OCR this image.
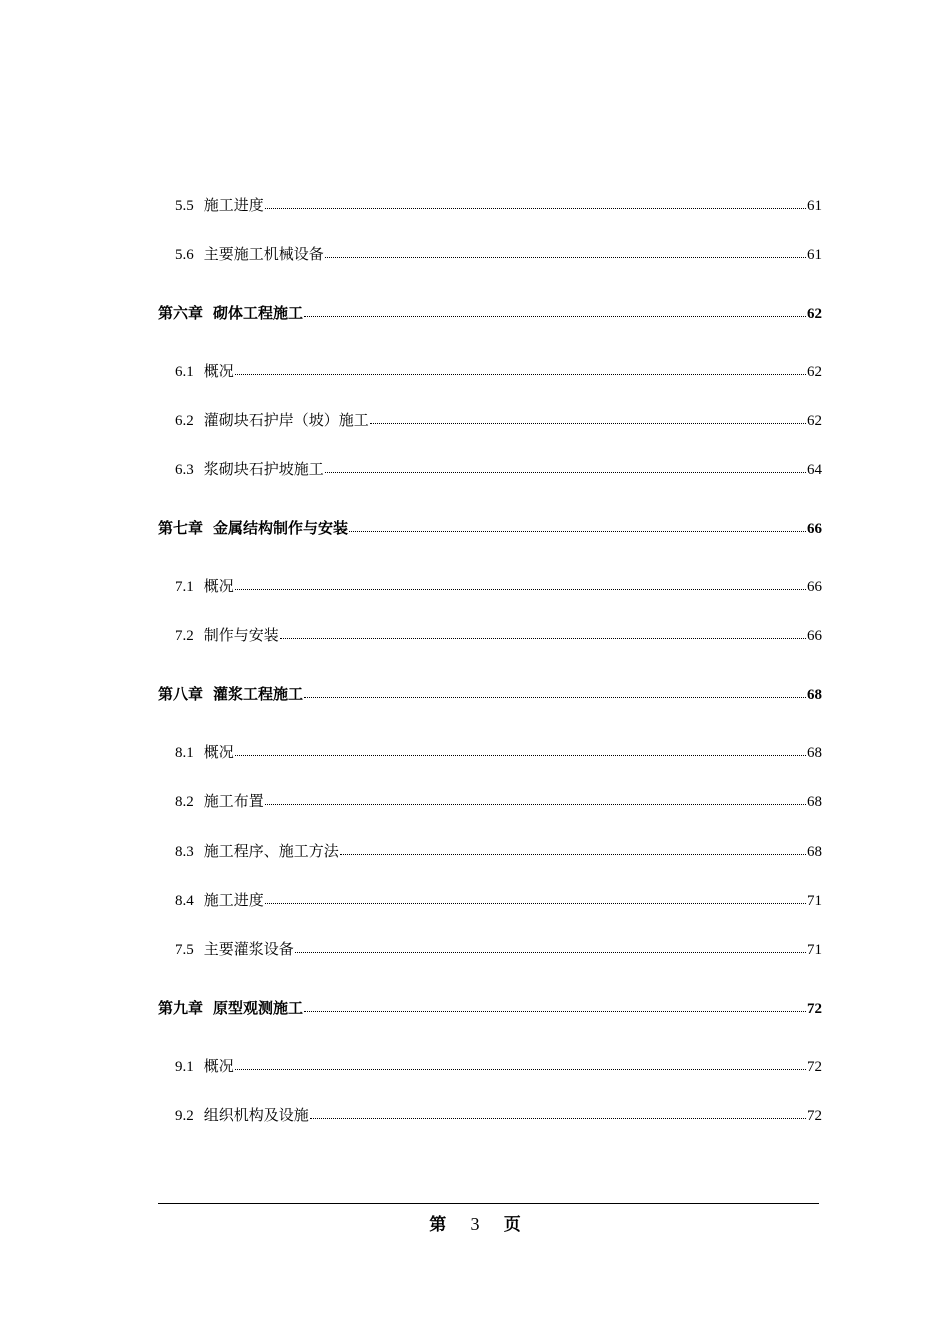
5.5 施工进度	61
5.6 主要施工机械设备	61
第六章 砌体工程施工	62
6.1 概况	62
6.2 灌砌块石护岸（坡）施工	62
6.3 浆砌块石护坡施工	64
第七章 金属结构制作与安装	66
7.1 概况	66
7.2 制作与安装	66
第八章 灌浆工程施工	68
8.1 概况	68
8.2 施工布置	68
8.3 施工程序、施工方法	68
8.4 施工进度	71
7.5 主要灌浆设备	71
第九章 原型观测施工	72
9.1 概况	72
9.2 组织机构及设施	72
第 3 页
